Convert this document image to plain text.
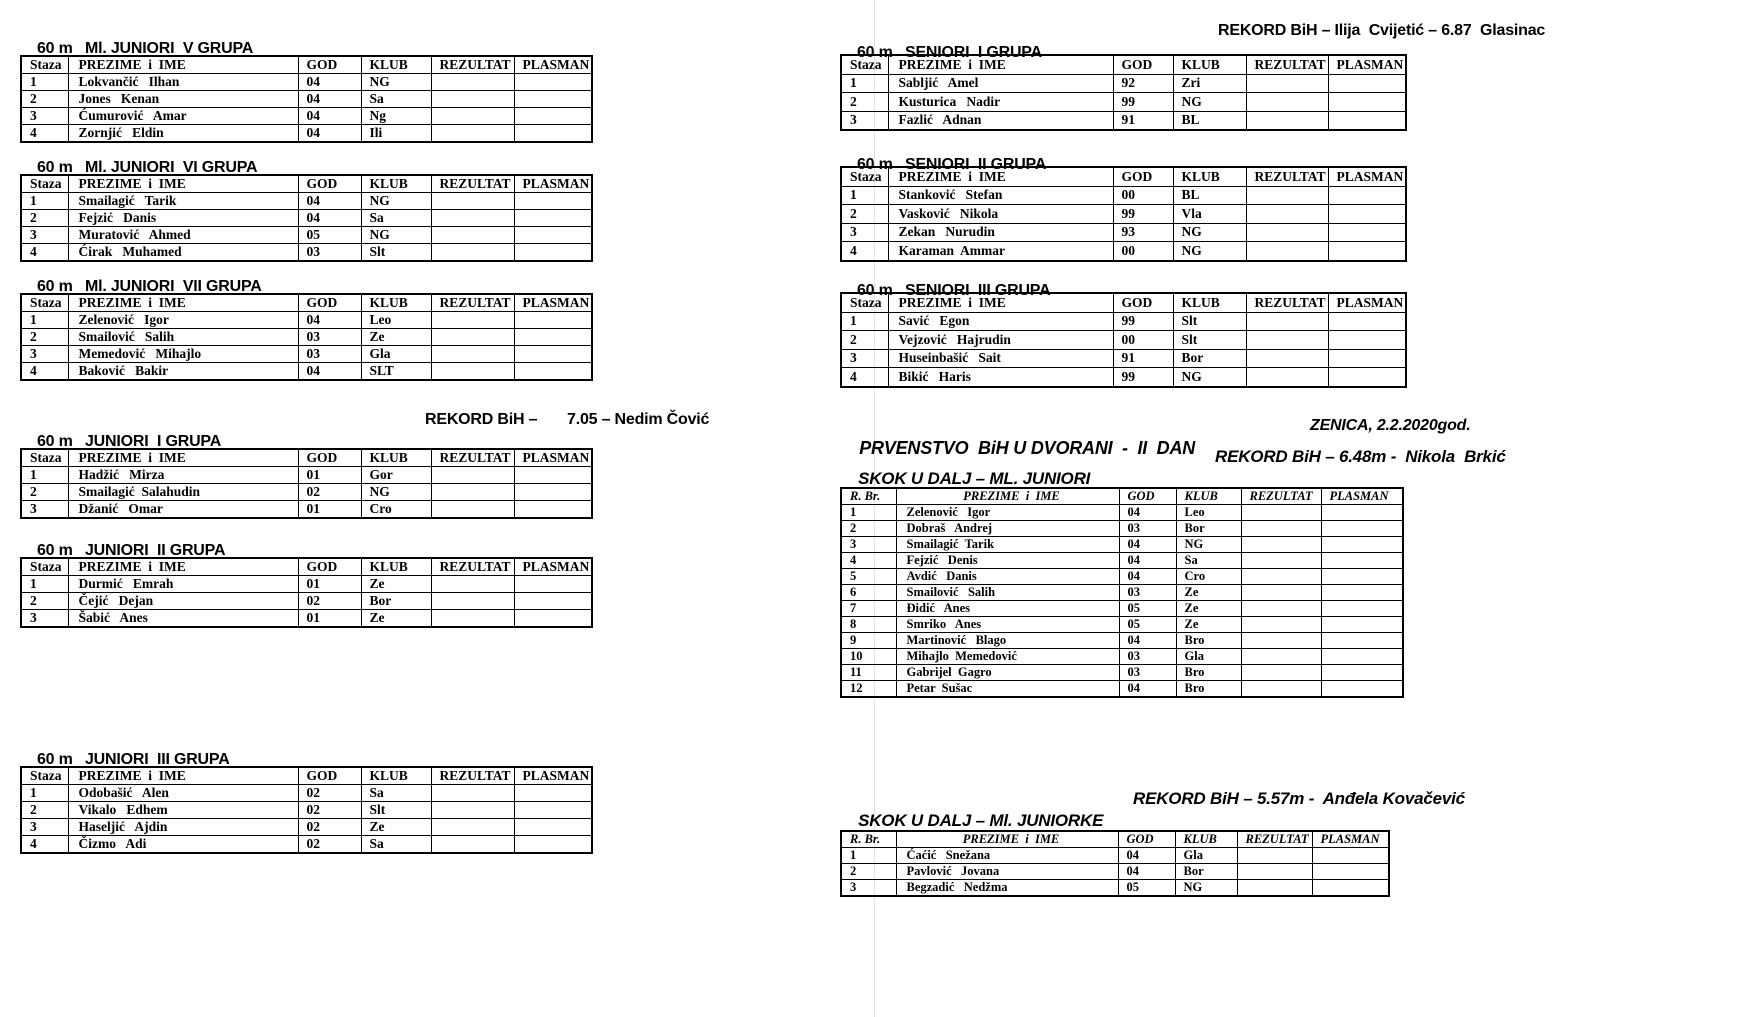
60 m Ml. JUNIORI  V GRUPA

Staza	PREZIME  i  IME	GOD	KLUB	REZULTAT	PLASMAN
1	Lokvančić   Ilhan	04	NG		
2	Jones   Kenan	04	Sa		
3	Ćumurović   Amar	04	Ng		
4	Zornjić   Eldin	04	Ili		

60 m Ml. JUNIORI  VI GRUPA

Staza	PREZIME  i  IME	GOD	KLUB	REZULTAT	PLASMAN
1	Smailagić   Tarik	04	NG		
2	Fejzić   Danis	04	Sa		
3	Muratović   Ahmed	05	NG		
4	Ćirak   Muhamed	03	Slt		

60 m Ml. JUNIORI  VII GRUPA

Staza	PREZIME  i  IME	GOD	KLUB	REZULTAT	PLASMAN
1	Zelenović   Igor	04	Leo		
2	Smailović   Salih	03	Ze		
3	Memedović   Mihajlo	03	Gla		
4	Baković   Bakir	04	SLT		

60 m JUNIORI  I GRUPA

REKORD BiH –       7.05 – Nedim Čović

Staza	PREZIME  i  IME	GOD	KLUB	REZULTAT	PLASMAN
1	Hadžić   Mirza	01	Gor		
2	Smailagić  Salahudin	02	NG		
3	Džanić   Omar	01	Cro		

60 m JUNIORI  II GRUPA

Staza	PREZIME  i  IME	GOD	KLUB	REZULTAT	PLASMAN
1	Durmić   Emrah	01	Ze		
2	Čejić   Dejan	02	Bor		
3	Šabić   Anes	01	Ze		

60 m JUNIORI  III GRUPA

Staza	PREZIME  i  IME	GOD	KLUB	REZULTAT	PLASMAN
1	Odobašić   Alen	02	Sa		
2	Vikalo   Edhem	02	Slt		
3	Haseljić   Ajdin	02	Ze		
4	Čizmo   Adi	02	Sa		

60 m SENIORI  I GRUPA

REKORD BiH – Ilija  Cvijetić – 6.87  Glasinac

Staza	PREZIME  i  IME	GOD	KLUB	REZULTAT	PLASMAN
1	Sabljić   Amel	92	Zri		
2	Kusturica   Nadir	99	NG		
3	Fazlić   Adnan	91	BL		

60 m SENIORI  II GRUPA

Staza	PREZIME  i  IME	GOD	KLUB	REZULTAT	PLASMAN
1	Stanković   Stefan	00	BL		
2	Vasković   Nikola	99	Vla		
3	Zekan   Nurudin	93	NG		
4	Karaman  Ammar	00	NG		

60 m SENIORI  III GRUPA

Staza	PREZIME  i  IME	GOD	KLUB	REZULTAT	PLASMAN
1	Savić   Egon	99	Slt		
2	Vejzović   Hajrudin	00	Slt		
3	Huseinbašić   Sait	91	Bor		
4	Bikić   Haris	99	NG		

PRVENSTVO  BiH U DVORANI  -  II  DAN

ZENICA, 2.2.2020god.

SKOK U DALJ – ML. JUNIORI

REKORD BiH – 6.48m -  Nikola  Brkić

R. Br.	PREZIME  i  IME	GOD	KLUB	REZULTAT	PLASMAN
1	Zelenović   Igor	04	Leo		
2	Dobraš   Andrej	03	Bor		
3	Smailagić  Tarik	04	NG		
4	Fejzić   Denis	04	Sa		
5	Avdić   Danis	04	Cro		
6	Smailović   Salih	03	Ze		
7	Đidić   Anes	05	Ze		
8	Smriko   Anes	05	Ze		
9	Martinović   Blago	04	Bro		
10	Mihajlo  Memedović	03	Gla		
11	Gabrijel  Gagro	03	Bro		
12	Petar  Sušac	04	Bro		

SKOK U DALJ – Ml. JUNIORKE

REKORD BiH – 5.57m -  Anđela Kovačević

R. Br.	PREZIME  i  IME	GOD	KLUB	REZULTAT	PLASMAN
1	Ćaćić   Snežana	04	Gla		
2	Pavlović   Jovana	04	Bor		
3	Begzadić   Nedžma	05	NG		
